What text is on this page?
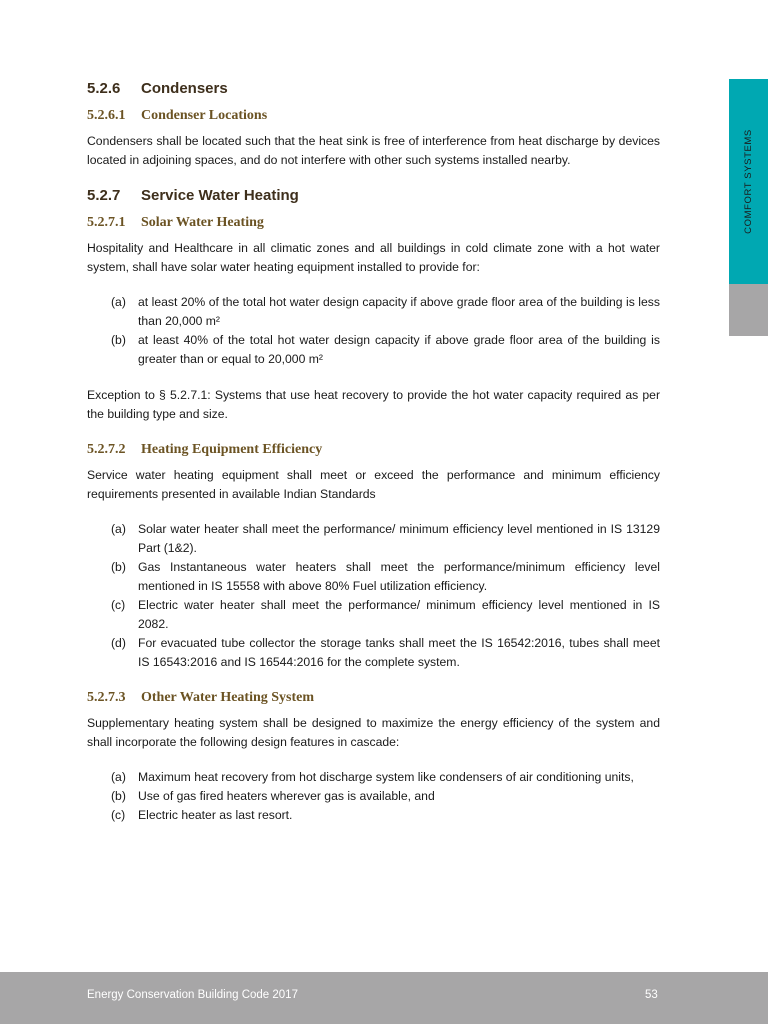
5.2.6 Condensers
5.2.6.1 Condenser Locations

Condensers shall be located such that the heat sink is free of interference from heat discharge by devices located in adjoining spaces, and do not interfere with other such systems installed nearby.

5.2.7 Service Water Heating
5.2.7.1 Solar Water Heating

Hospitality and Healthcare in all climatic zones and all buildings in cold climate zone with a hot water system, shall have solar water heating equipment installed to provide for:

(a) at least 20% of the total hot water design capacity if above grade floor area of the building is less than 20,000 m²
(b) at least 40% of the total hot water design capacity if above grade floor area of the building is greater than or equal to 20,000 m²

Exception to § 5.2.7.1: Systems that use heat recovery to provide the hot water capacity required as per the building type and size.

5.2.7.2 Heating Equipment Efficiency

Service water heating equipment shall meet or exceed the performance and minimum efficiency requirements presented in available Indian Standards

(a) Solar water heater shall meet the performance/ minimum efficiency level mentioned in IS 13129 Part (1&2).
(b) Gas Instantaneous water heaters shall meet the performance/minimum efficiency level mentioned in IS 15558 with above 80% Fuel utilization efficiency.
(c) Electric water heater shall meet the performance/ minimum efficiency level mentioned in IS 2082.
(d) For evacuated tube collector the storage tanks shall meet the IS 16542:2016, tubes shall meet IS 16543:2016 and IS 16544:2016 for the complete system.
5.2.7.3 Other Water Heating System

Supplementary heating system shall be designed to maximize the energy efficiency of the system and shall incorporate the following design features in cascade:

(a) Maximum heat recovery from hot discharge system like condensers of air conditioning units,
(b) Use of gas fired heaters wherever gas is available, and
(c) Electric heater as last resort.
COMFORT SYSTEMS
Energy Conservation Building Code 2017	53
